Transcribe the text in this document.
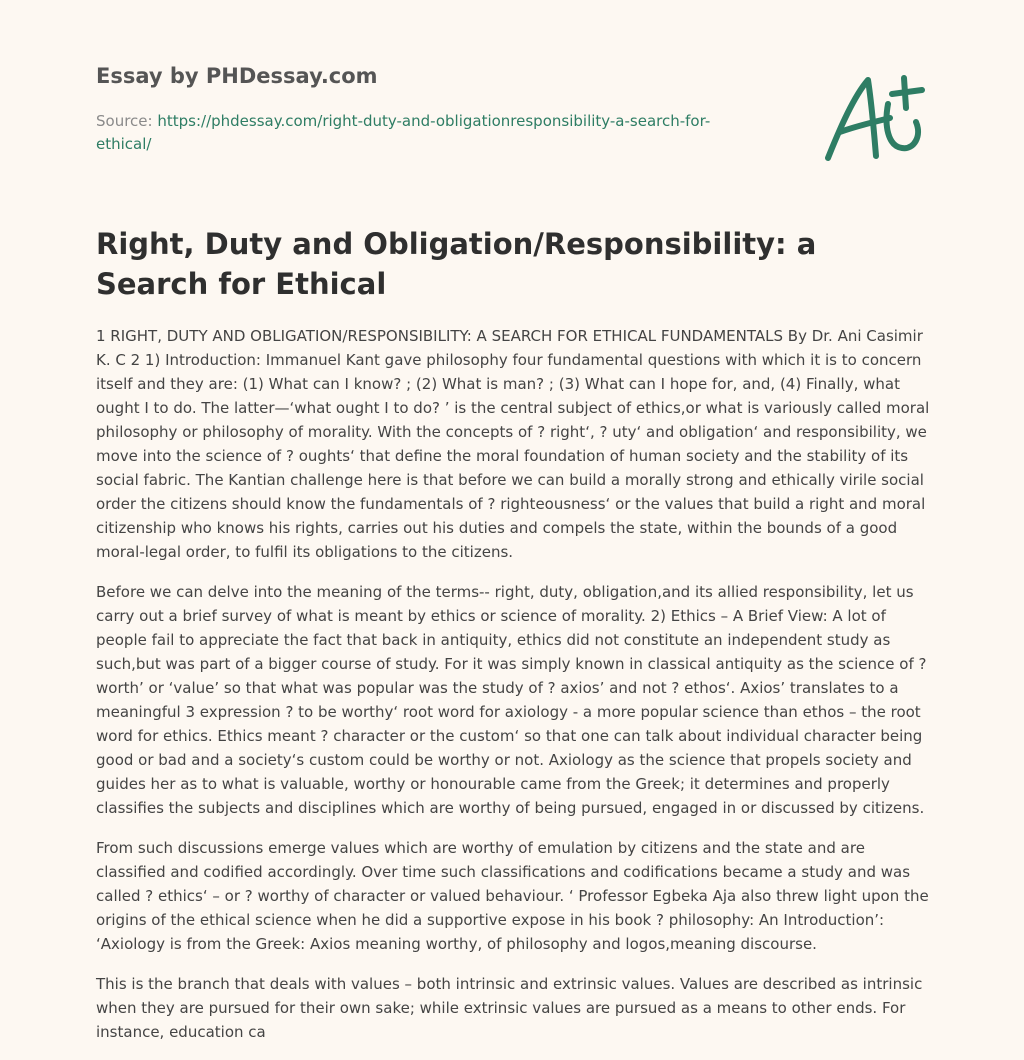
Essay by PHDessay.com

Source: https://phdessay.com/right-duty-and-obligationresponsibility-a-search-for-ethical/

Right, Duty and Obligation/Responsibility: a Search for Ethical

1 RIGHT, DUTY AND OBLIGATION/RESPONSIBILITY: A SEARCH FOR ETHICAL FUNDAMENTALS By Dr. Ani Casimir K. C 2 1) Introduction: Immanuel Kant gave philosophy four fundamental questions with which it is to concern itself and they are: (1) What can I know? ; (2) What is man? ; (3) What can I hope for, and, (4) Finally, what ought I to do. The latter—‘what ought I to do? ’ is the central subject of ethics,or what is variously called moral philosophy or philosophy of morality. With the concepts of ? right‘, ? uty‘ and obligation‘ and responsibility, we move into the science of ? oughts‘ that define the moral foundation of human society and the stability of its social fabric. The Kantian challenge here is that before we can build a morally strong and ethically virile social order the citizens should know the fundamentals of ? righteousness‘ or the values that build a right and moral citizenship who knows his rights, carries out his duties and compels the state, within the bounds of a good moral-legal order, to fulfil its obligations to the citizens.

Before we can delve into the meaning of the terms-- right, duty, obligation,and its allied responsibility, let us carry out a brief survey of what is meant by ethics or science of morality. 2) Ethics – A Brief View: A lot of people fail to appreciate the fact that back in antiquity, ethics did not constitute an independent study as such,but was part of a bigger course of study. For it was simply known in classical antiquity as the science of ? worth’ or ‘value’ so that what was popular was the study of ? axios’ and not ? ethos‘. Axios’ translates to a meaningful 3 expression ? to be worthy‘ root word for axiology - a more popular science than ethos – the root word for ethics. Ethics meant ? character or the custom‘ so that one can talk about individual character being good or bad and a society‘s custom could be worthy or not. Axiology as the science that propels society and guides her as to what is valuable, worthy or honourable came from the Greek; it determines and properly classifies the subjects and disciplines which are worthy of being pursued, engaged in or discussed by citizens.

From such discussions emerge values which are worthy of emulation by citizens and the state and are classified and codified accordingly. Over time such classifications and codifications became a study and was called ? ethics‘ – or ? worthy of character or valued behaviour. ‘ Professor Egbeka Aja also threw light upon the origins of the ethical science when he did a supportive expose in his book ? philosophy: An Introduction’: ‘Axiology is from the Greek: Axios meaning worthy, of philosophy and logos,meaning discourse.

This is the branch that deals with values – both intrinsic and extrinsic values. Values are described as intrinsic when they are pursued for their own sake; while extrinsic values are pursued as a means to other ends. For instance, education ca
